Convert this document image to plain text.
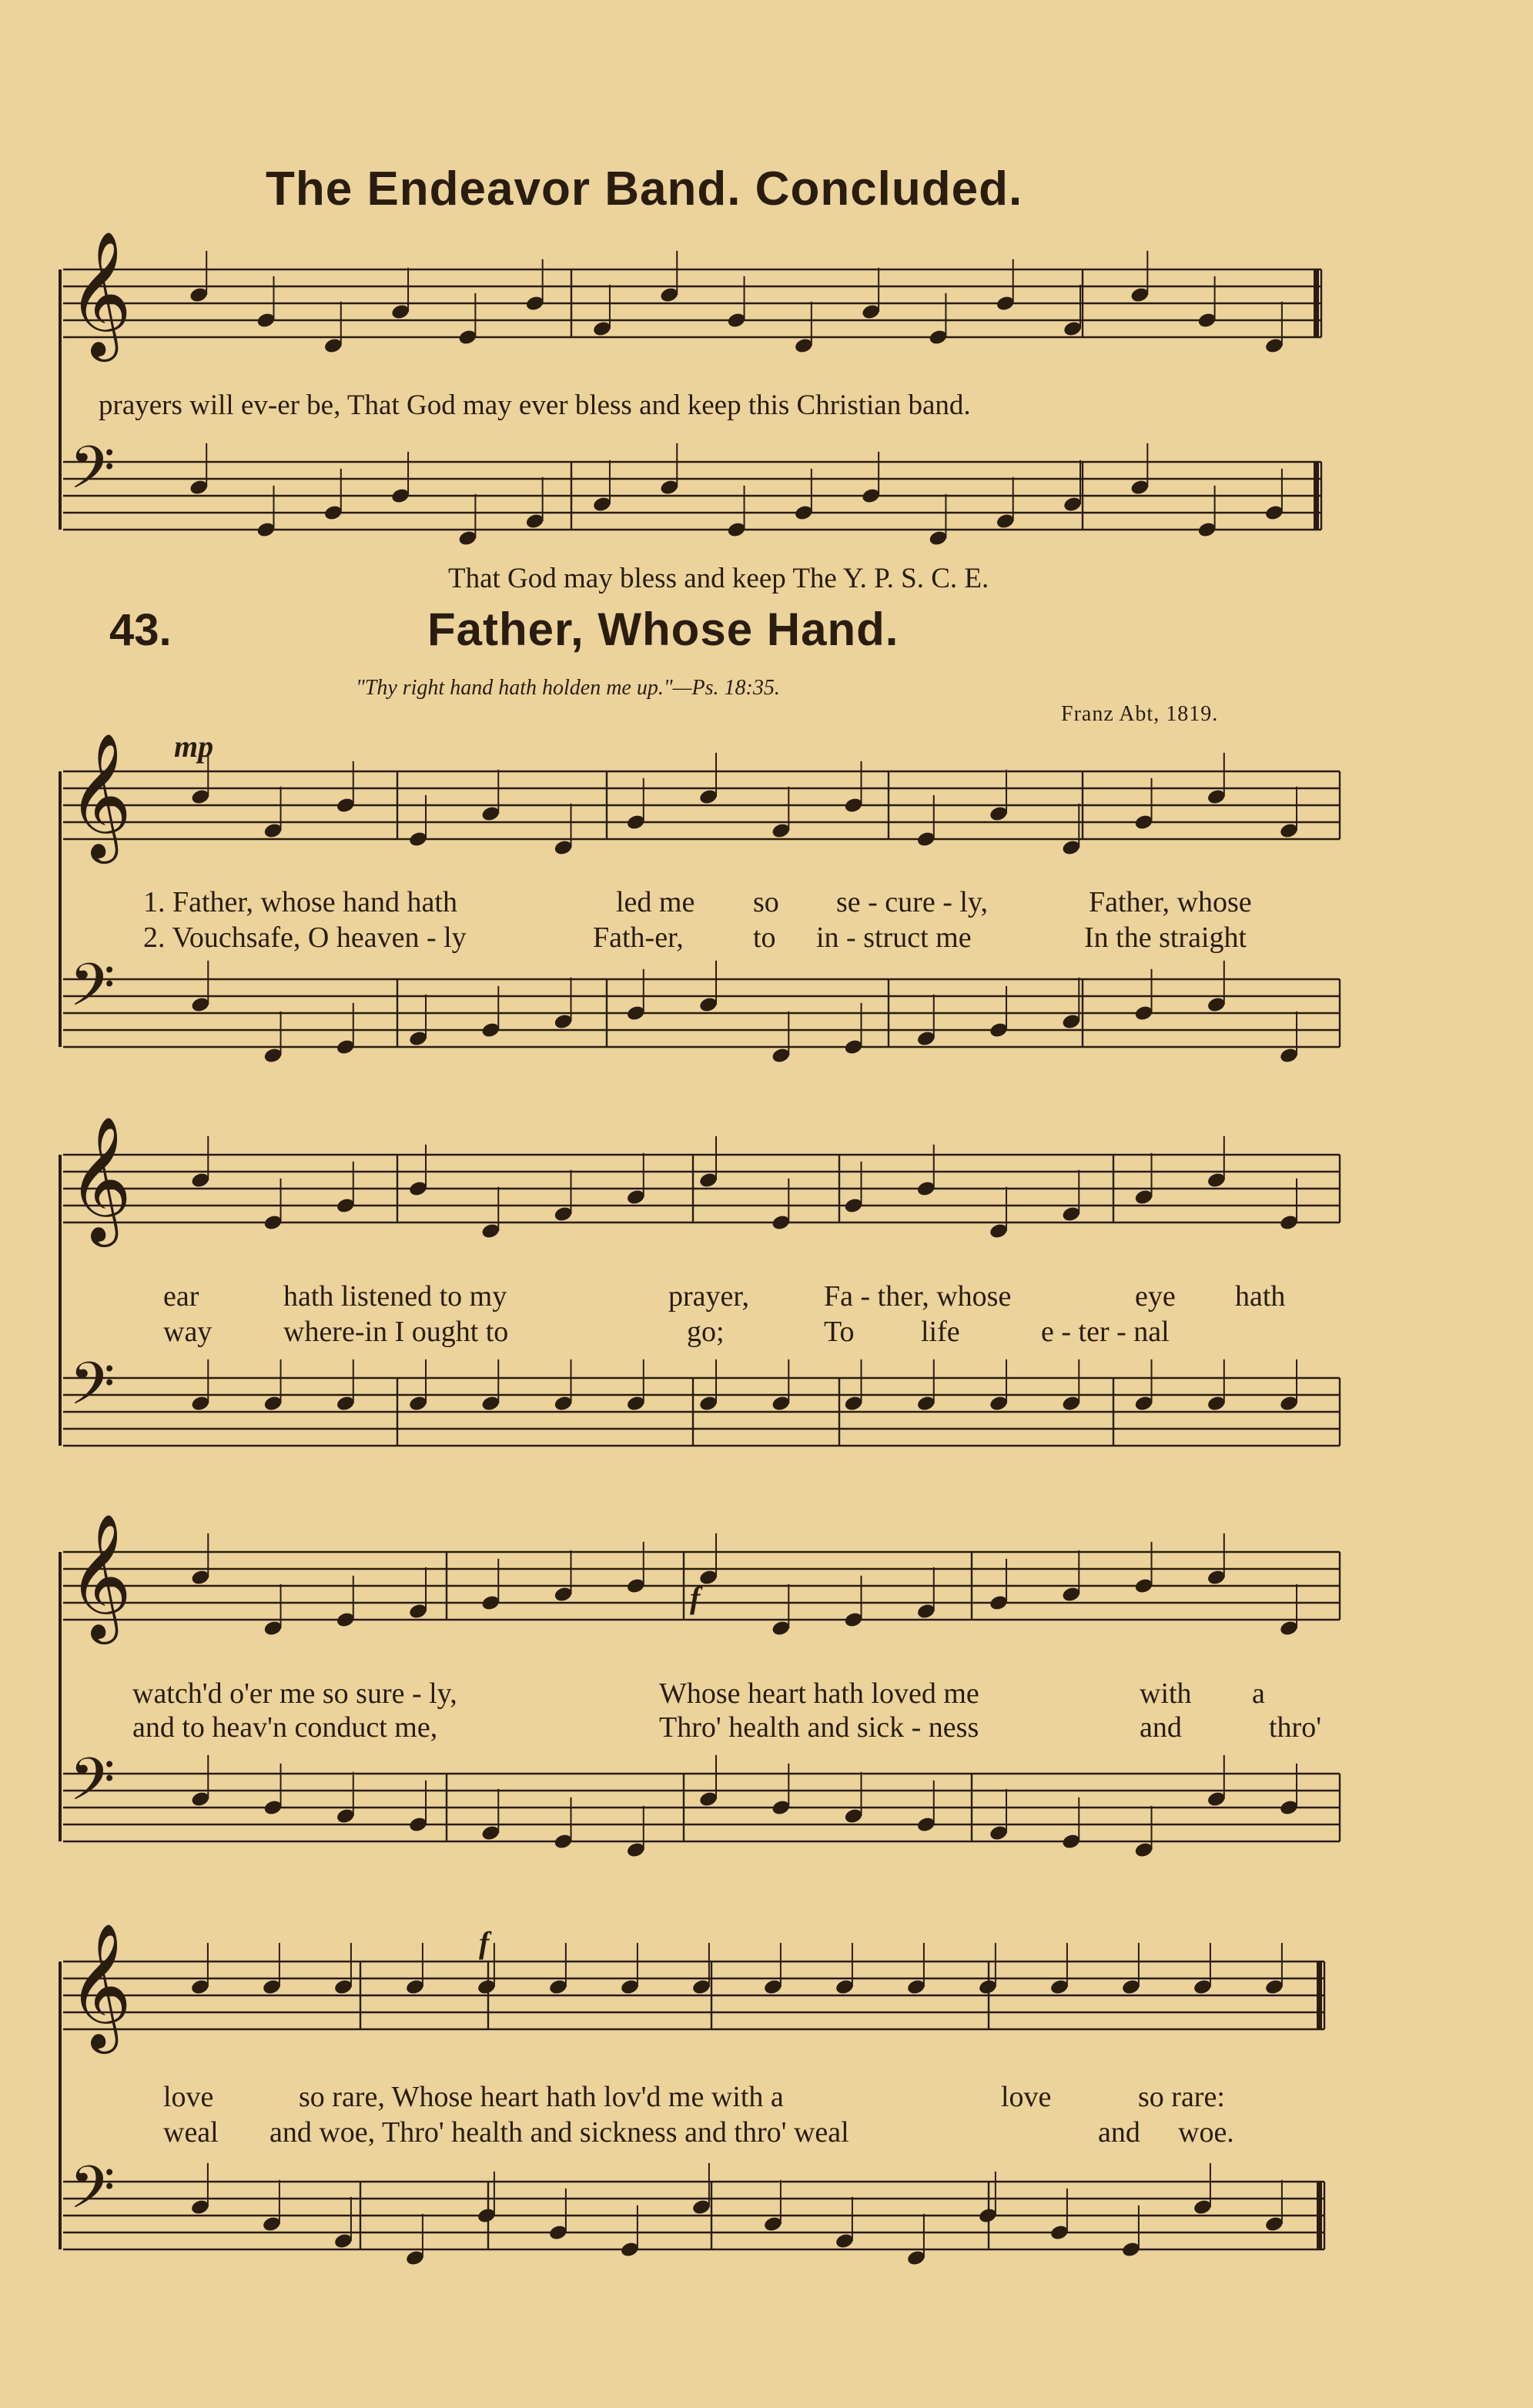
The Endeavor Band. Concluded.
prayers will ev-er be, That God may ever bless and keep this Christian band.
That God may bless and keep The Y. P. S. C. E.
43.	Father, Whose Hand.
"Thy right hand hath holden me up."—Ps. 18:35.
Franz Abt, 1819.
mp
f
f
1. Father, whose hand hath	led me so se - cure - ly,	Father, whose
2. Vouchsafe, O heaven - ly	Fath-er, to in - struct me	In the straight
ear	hath listened to my	prayer,	Fa - ther, whose	eye hath
way where-in I ought to	go;	To life	e - ter - nal
watch'd o'er me so sure - ly,	Whose heart hath loved me	with a
and to heav'n conduct me,	Thro' health and sick - ness	and	thro'
love	so rare, Whose heart hath lov'd me with a	love	so rare:
weal and woe, Thro' health and sickness and thro' weal	and woe.
𝄞
𝄢
𝄞
𝄢
𝄞
𝄢
𝄞
𝄢
𝄞
𝄢
